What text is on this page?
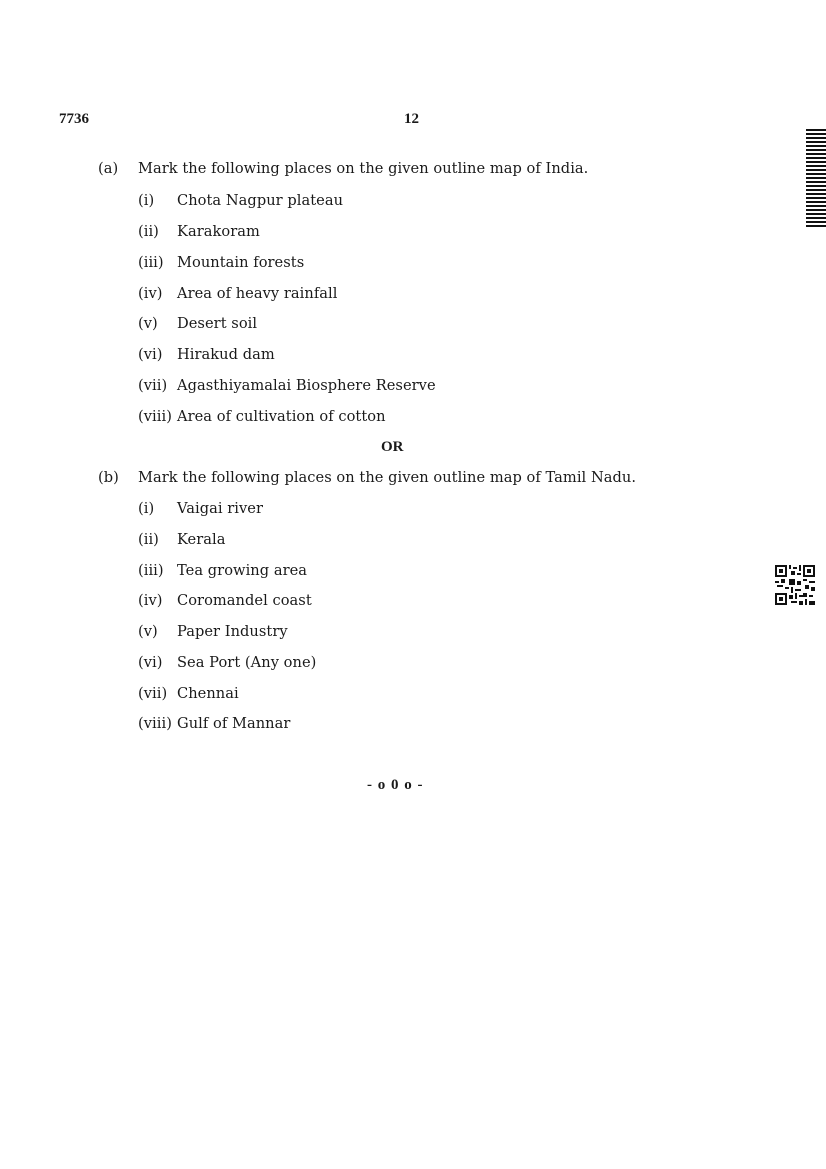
7736	12
(a) Mark the following places on the given outline map of India.
(i) Chota Nagpur plateau
(ii) Karakoram
(iii) Mountain forests
(iv) Area of heavy rainfall
(v) Desert soil
(vi) Hirakud dam
(vii) Agasthiyamalai Biosphere Reserve
(viii) Area of cultivation of cotton
OR
(b) Mark the following places on the given outline map of Tamil Nadu.
(i) Vaigai river
(ii) Kerala
(iii) Tea growing area
(iv) Coromandel coast
(v) Paper Industry
(vi) Sea Port (Any one)
(vii) Chennai
(viii) Gulf of Mannar
- o 0 o -
